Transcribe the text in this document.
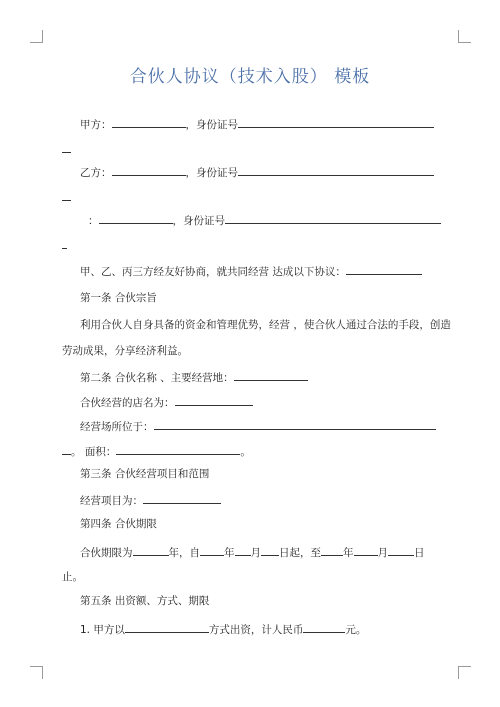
合伙人协议（技术入股） 模板
甲方：	，身份证号
乙方：	，身份证号
：	，身份证号
甲、乙、丙三方经友好协商，就共同经营 达成以下协议：
第一条 合伙宗旨
利用合伙人自身具备的资金和管理优势，经营 ，使合伙人通过合法的手段，创造
劳动成果，分享经济利益。
第二条 合伙名称 、主要经营地：
合伙经营的店名为：
经营场所位于：
。 面积：	。
第三条 合伙经营项目和范围
经营项目为：
第四条 合伙期限
合伙期限为	年，自 年 月 日起，至 年 月 日
止。
第五条 出资额、方式、期限
1. 甲方以	方式出资，计人民币	元。
